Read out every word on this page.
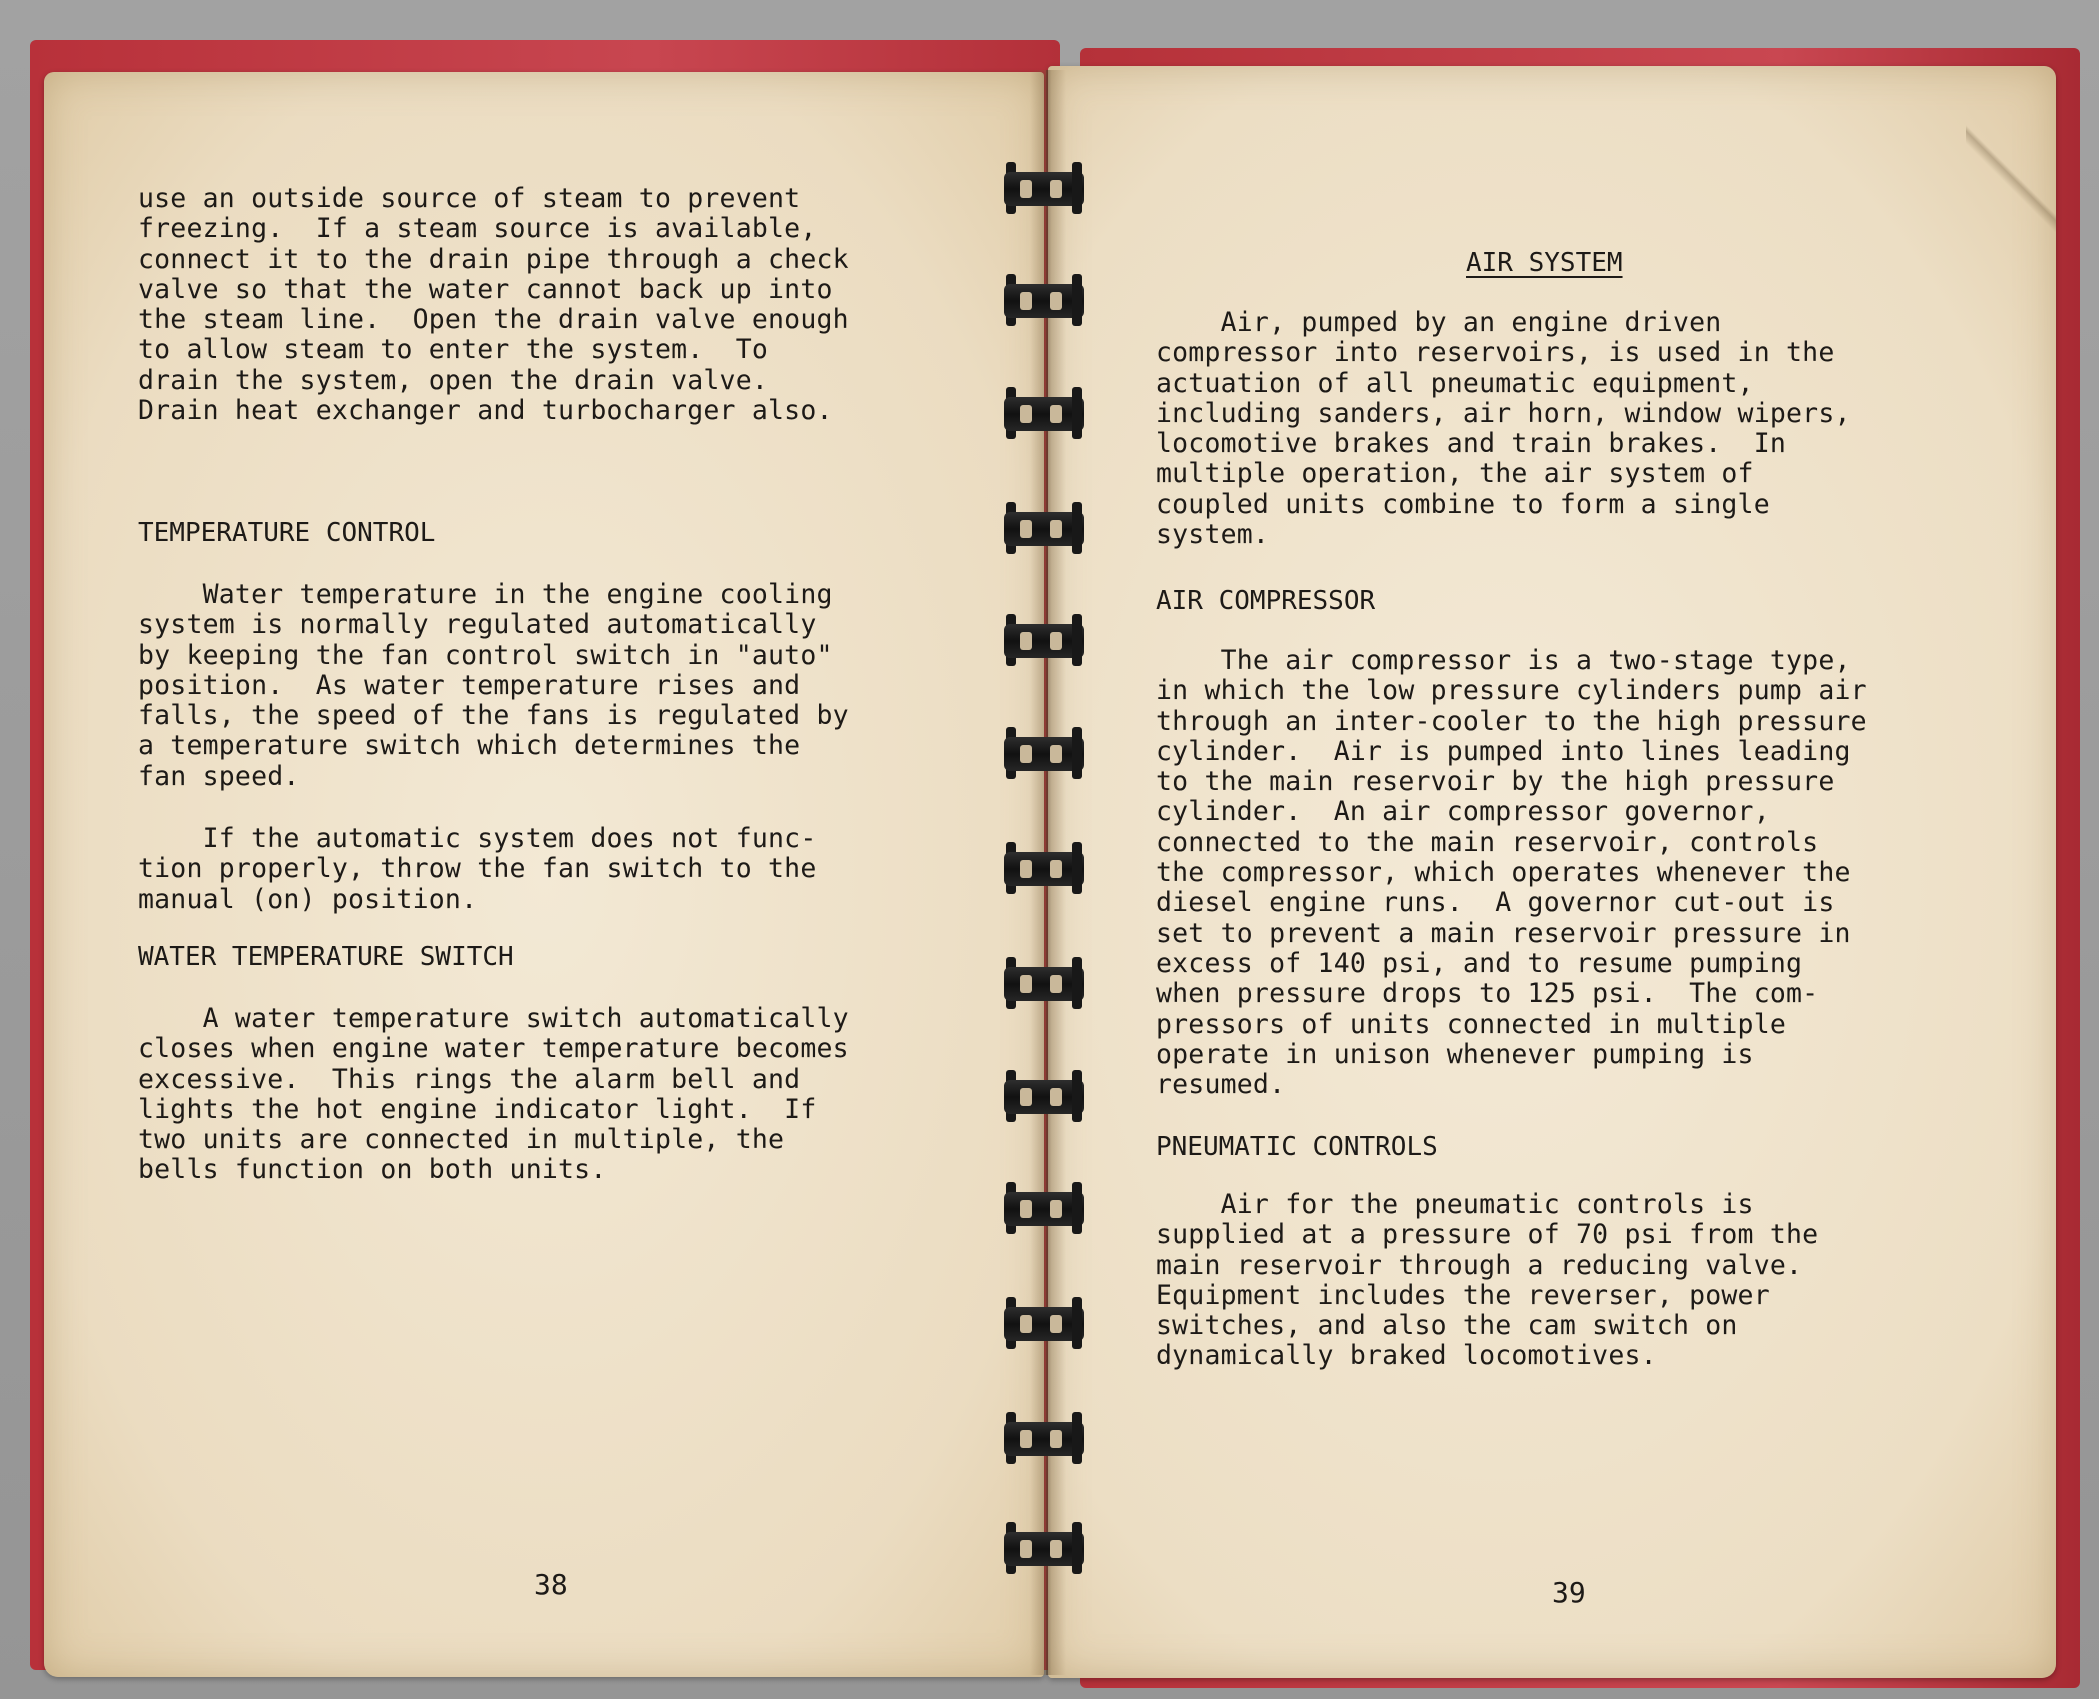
use an outside source of steam to prevent
freezing.  If a steam source is available,
connect it to the drain pipe through a check
valve so that the water cannot back up into
the steam line.  Open the drain valve enough
to allow steam to enter the system.  To
drain the system, open the drain valve.
Drain heat exchanger and turbocharger also.
TEMPERATURE CONTROL
Water temperature in the engine cooling
system is normally regulated automatically
by keeping the fan control switch in "auto"
position.  As water temperature rises and
falls, the speed of the fans is regulated by
a temperature switch which determines the
fan speed.
If the automatic system does not func-
tion properly, throw the fan switch to the
manual (on) position.
WATER TEMPERATURE SWITCH
A water temperature switch automatically
closes when engine water temperature becomes
excessive.  This rings the alarm bell and
lights the hot engine indicator light.  If
two units are connected in multiple, the
bells function on both units.
38
AIR SYSTEM
Air, pumped by an engine driven
compressor into reservoirs, is used in the
actuation of all pneumatic equipment,
including sanders, air horn, window wipers,
locomotive brakes and train brakes.  In
multiple operation, the air system of
coupled units combine to form a single
system.
AIR COMPRESSOR
The air compressor is a two-stage type,
in which the low pressure cylinders pump air
through an inter-cooler to the high pressure
cylinder.  Air is pumped into lines leading
to the main reservoir by the high pressure
cylinder.  An air compressor governor,
connected to the main reservoir, controls
the compressor, which operates whenever the
diesel engine runs.  A governor cut-out is
set to prevent a main reservoir pressure in
excess of 140 psi, and to resume pumping
when pressure drops to 125 psi.  The com-
pressors of units connected in multiple
operate in unison whenever pumping is
resumed.
PNEUMATIC CONTROLS
Air for the pneumatic controls is
supplied at a pressure of 70 psi from the
main reservoir through a reducing valve.
Equipment includes the reverser, power
switches, and also the cam switch on
dynamically braked locomotives.
39
